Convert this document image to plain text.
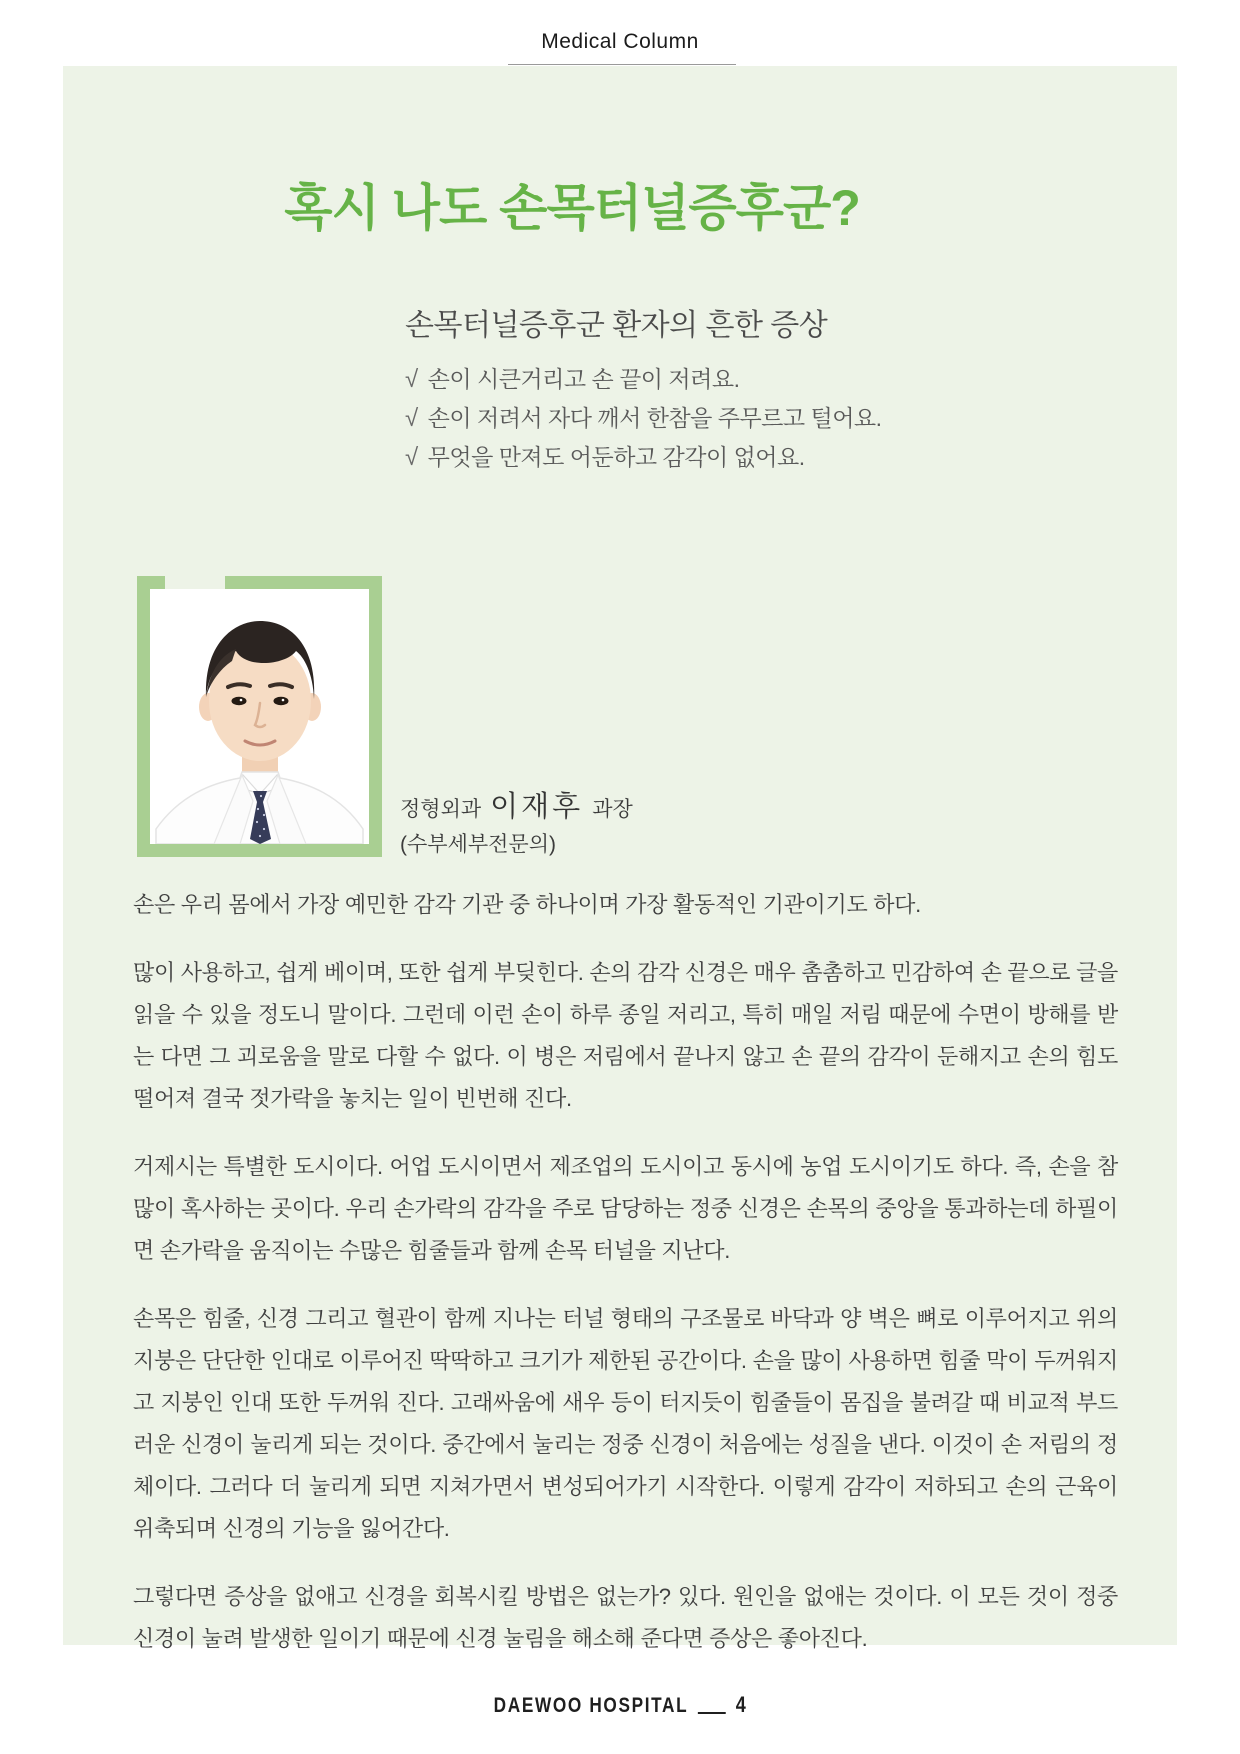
Medical Column
혹시 나도 손목터널증후군?
손목터널증후군 환자의 흔한 증상
√ 손이 시큰거리고 손 끝이 저려요.
√ 손이 저려서 자다 깨서 한참을 주무르고 털어요.
√ 무엇을 만져도 어둔하고 감각이 없어요.
정형외과 이재후 과장
(수부세부전문의)

손은 우리 몸에서 가장 예민한 감각 기관 중 하나이며 가장 활동적인 기관이기도 하다.

많이 사용하고, 쉽게 베이며, 또한 쉽게 부딪힌다. 손의 감각 신경은 매우 촘촘하고 민감하여 손 끝으로 글을 읽을 수 있을 정도니 말이다. 그런데 이런 손이 하루 종일 저리고, 특히 매일 저림 때문에 수면이 방해를 받는 다면 그 괴로움을 말로 다할 수 없다. 이 병은 저림에서 끝나지 않고 손 끝의 감각이 둔해지고 손의 힘도 떨어져 결국 젓가락을 놓치는 일이 빈번해 진다.

거제시는 특별한 도시이다. 어업 도시이면서 제조업의 도시이고 동시에 농업 도시이기도 하다. 즉, 손을 참 많이 혹사하는 곳이다. 우리 손가락의 감각을 주로 담당하는 정중 신경은 손목의 중앙을 통과하는데 하필이면 손가락을 움직이는 수많은 힘줄들과 함께 손목 터널을 지난다.

손목은 힘줄, 신경 그리고 혈관이 함께 지나는 터널 형태의 구조물로 바닥과 양 벽은 뼈로 이루어지고 위의 지붕은 단단한 인대로 이루어진 딱딱하고 크기가 제한된 공간이다. 손을 많이 사용하면 힘줄 막이 두꺼워지고 지붕인 인대 또한 두꺼워 진다. 고래싸움에 새우 등이 터지듯이 힘줄들이 몸집을 불려갈 때 비교적 부드러운 신경이 눌리게 되는 것이다. 중간에서 눌리는 정중 신경이 처음에는 성질을 낸다. 이것이 손 저림의 정체이다. 그러다 더 눌리게 되면 지쳐가면서 변성되어가기 시작한다. 이렇게 감각이 저하되고 손의 근육이 위축되며 신경의 기능을 잃어간다.

그렇다면 증상을 없애고 신경을 회복시킬 방법은 없는가? 있다. 원인을 없애는 것이다. 이 모든 것이 정중 신경이 눌려 발생한 일이기 때문에 신경 눌림을 해소해 준다면 증상은 좋아진다.

DAEWOO HOSPITAL 4
